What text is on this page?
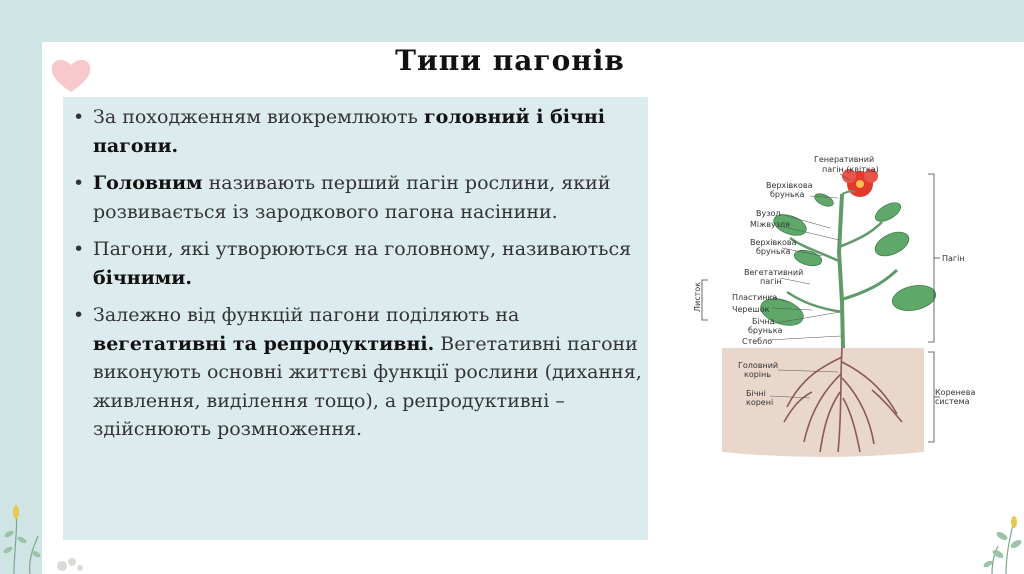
Типи пагонів
• За походженням виокремлюють головний і бічні пагони.
• Головним називають перший пагін рослини, який розвивається із зародкового пагона насінини.
• Пагони, які утворюються на головному, називаються бічними.
• Залежно від функцій пагони поділяють на вегетативні та репродуктивні. Вегетативні пагони виконують основні життєві функції рослини (дихання, живлення, виділення тощо), а репродуктивні – здійснюють розмноження.
Генеративний
пагін (квітка)
Верхівкова
брунька
Вузол
Міжвузля
Верхівкова
брунька
Вегетативний
пагін
Пластинка
Черешок
Бічна
брунька
Стебло
Головний
корінь
Бічні
корені
Листок
Пагін
Коренева
система
